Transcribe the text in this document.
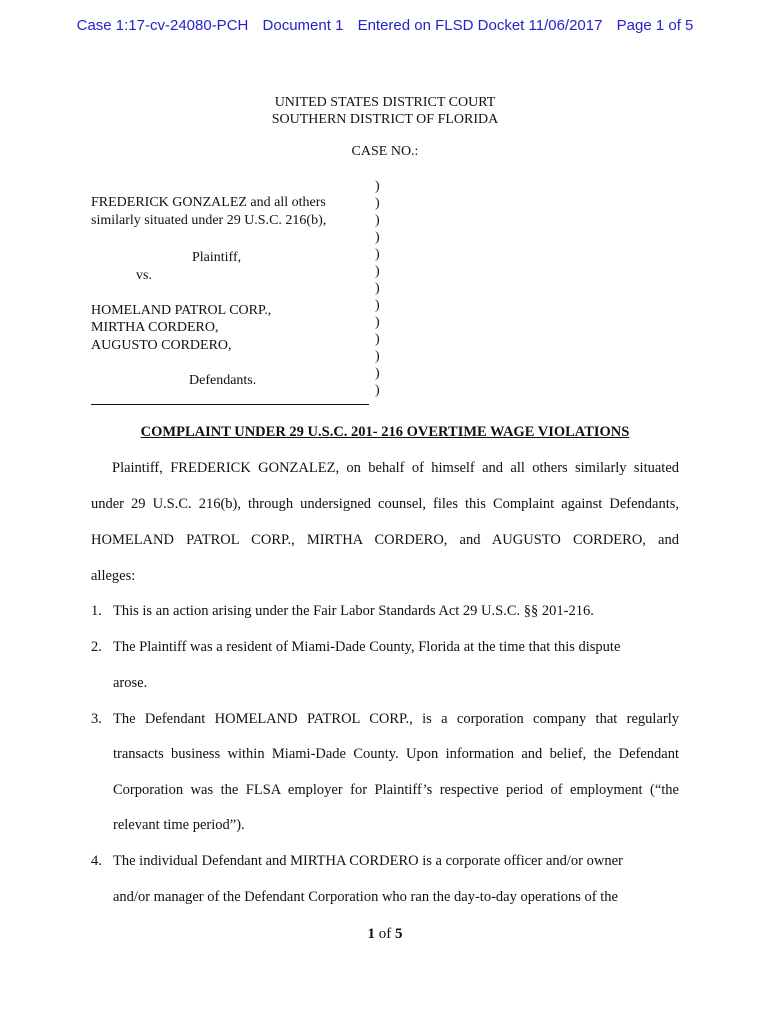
Case 1:17-cv-24080-PCH Document 1 Entered on FLSD Docket 11/06/2017 Page 1 of 5
UNITED STATES DISTRICT COURT
SOUTHERN DISTRICT OF FLORIDA
CASE NO.:
FREDERICK GONZALEZ and all others
similarly situated under 29 U.S.C. 216(b),
Plaintiff,
vs.
HOMELAND PATROL CORP.,
MIRTHA CORDERO,
AUGUSTO CORDERO,
Defendants.
)
)
)
)
)
)
)
)
)
)
)
)
)
COMPLAINT UNDER 29 U.S.C. 201- 216 OVERTIME WAGE VIOLATIONS
Plaintiff, FREDERICK GONZALEZ, on behalf of himself and all others similarly situated
under 29 U.S.C. 216(b), through undersigned counsel, files this Complaint against Defendants,
HOMELAND PATROL CORP., MIRTHA CORDERO, and AUGUSTO CORDERO, and
alleges:
1. This is an action arising under the Fair Labor Standards Act 29 U.S.C. §§ 201-216.
2. The Plaintiff was a resident of Miami-Dade County, Florida at the time that this dispute
arose.
3. The Defendant HOMELAND PATROL CORP., is a corporation company that regularly
transacts business within Miami-Dade County. Upon information and belief, the Defendant
Corporation was the FLSA employer for Plaintiff’s respective period of employment (“the
relevant time period”).
4. The individual Defendant and MIRTHA CORDERO is a corporate officer and/or owner
and/or manager of the Defendant Corporation who ran the day-to-day operations of the
1 of 5
